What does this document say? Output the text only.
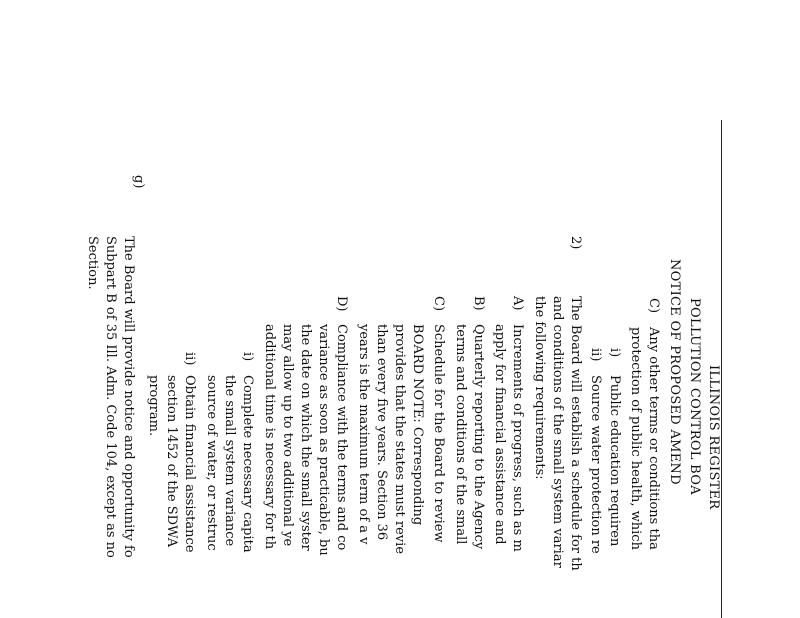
ILLINOIS REGISTER
POLLUTION CONTROL BOA
NOTICE OF PROPOSED AMEND
C)
Any other terms or conditions tha
protection of public health, which
i)
Public education requiren
ii)
Source water protection re
2)
The Board will establish a schedule for th
and conditions of the small system variar
the following requirements:
A)
Increments of progress, such as m
apply for financial assistance and
B)
Quarterly reporting to the Agency
terms and conditions of the small
C)
Schedule for the Board to review
BOARD NOTE: Corresponding
provides that the states must revie
than every five years. Section 36
years is the maximum term of a v
D)
Compliance with the terms and co
variance as soon as practicable, bu
the date on which the small syster
may allow up to two additional ye
additional time is necessary for th
i)
Complete necessary capita
the small system variance
source of water, or restruc
ii)
Obtain financial assistance
section 1452 of the SDWA
program.
g)
The Board will provide notice and opportunity fo
Subpart B of 35 Ill. Adm. Code 104, except as no
Section.
